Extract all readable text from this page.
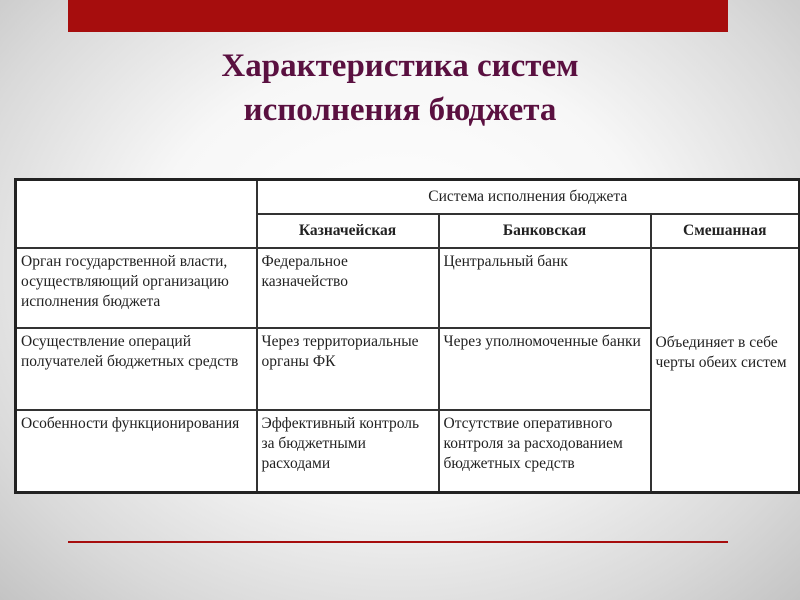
Характеристика систем
исполнения бюджета
	Система исполнения бюджета		
	Казначейская	Банковская	Смешанная
Орган государственной власти, осуществляющий организацию исполнения бюджета	Федеральное казначейство	Центральный банк	Объединяет в себе черты обеих систем
Осуществление операций получателей бюджетных средств	Через территориальные органы ФК	Через уполномоченные банки	
Особенности функционирования	Эффективный контроль за бюджетными расходами	Отсутствие оперативного контроля за расходованием бюджетных средств	
